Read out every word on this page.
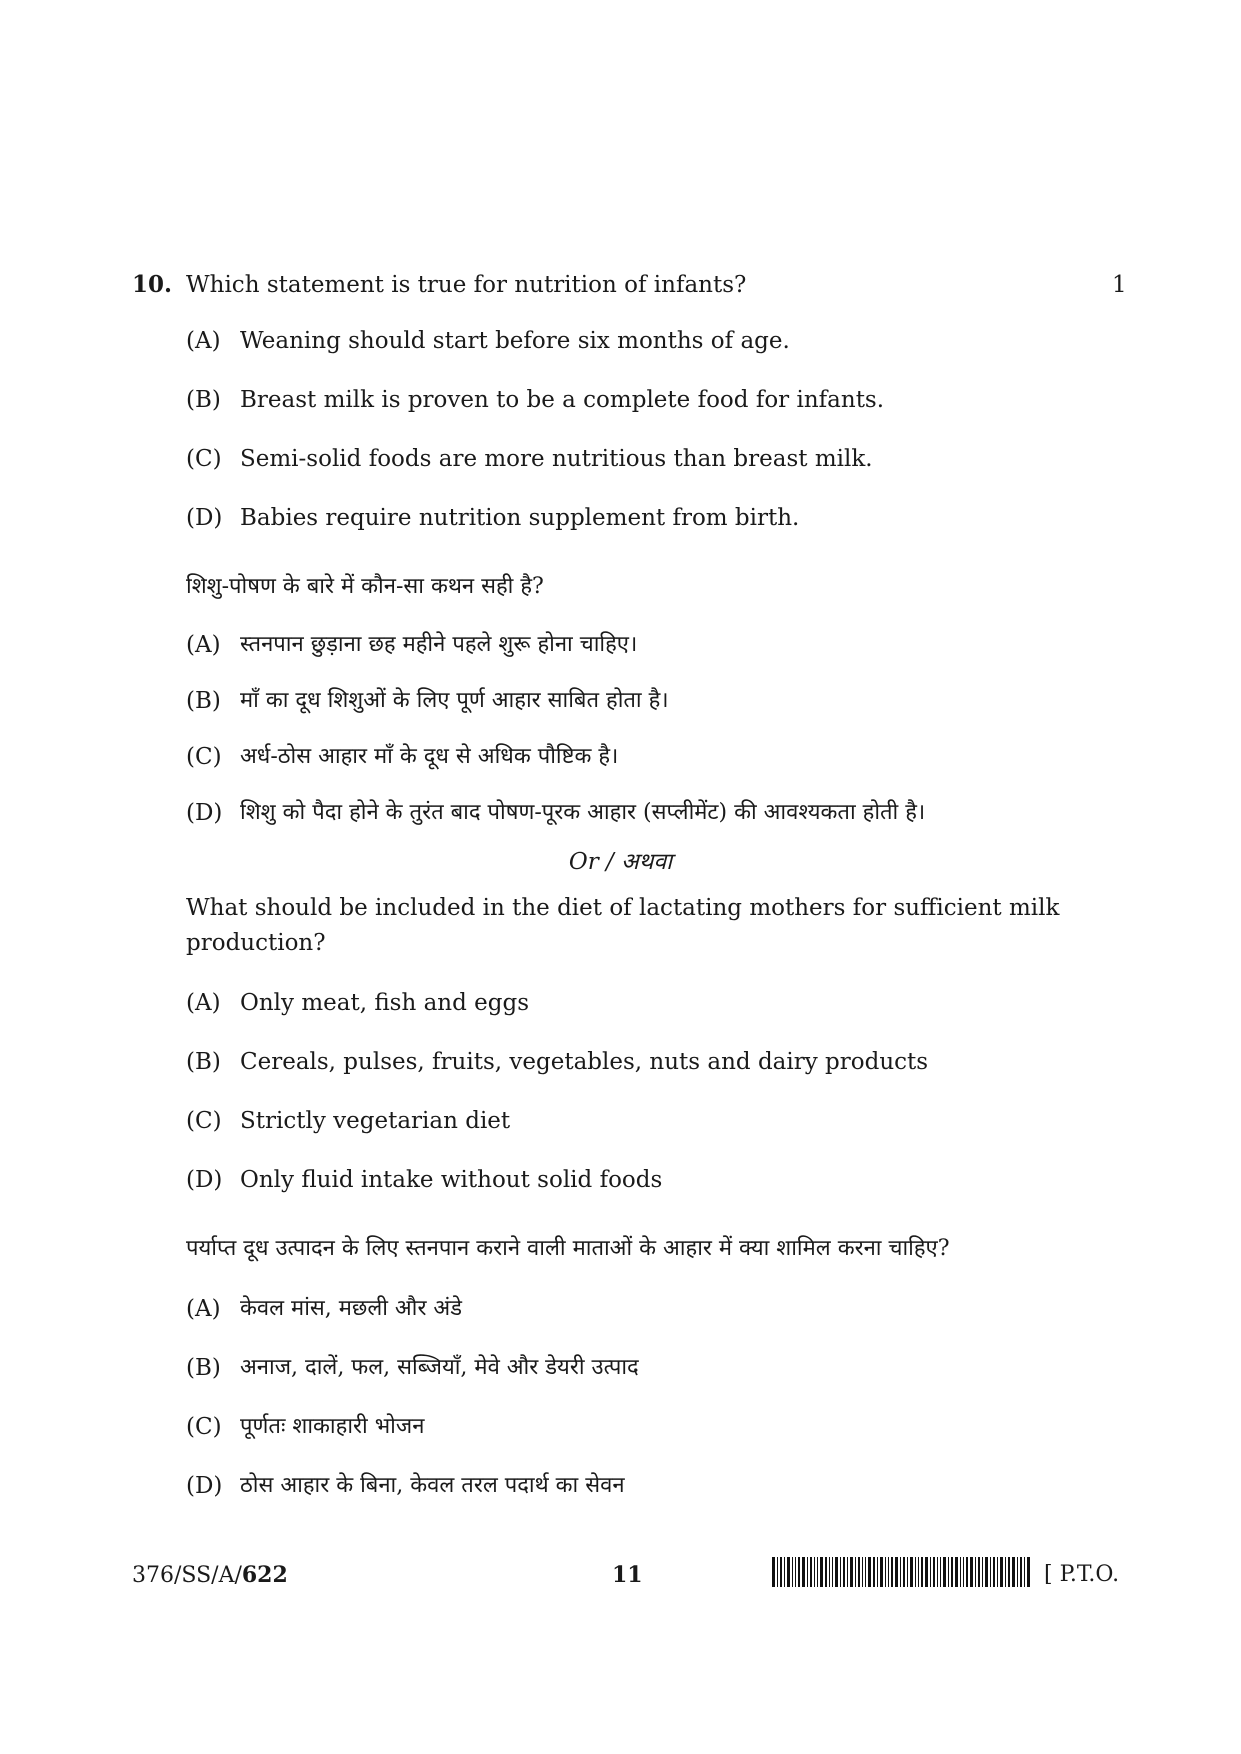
10. Which statement is true for nutrition of infants?	1
(A) Weaning should start before six months of age.
(B) Breast milk is proven to be a complete food for infants.
(C) Semi-solid foods are more nutritious than breast milk.
(D) Babies require nutrition supplement from birth.
शिशु-पोषण के बारे में कौन-सा कथन सही है?
(A) स्तनपान छुड़ाना छह महीने पहले शुरू होना चाहिए।
(B) माँ का दूध शिशुओं के लिए पूर्ण आहार साबित होता है।
(C) अर्ध-ठोस आहार माँ के दूध से अधिक पौष्टिक है।
(D) शिशु को पैदा होने के तुरंत बाद पोषण-पूरक आहार (सप्लीमेंट) की आवश्यकता होती है।
Or / अथवा
What should be included in the diet of lactating mothers for sufficient milk
production?
(A) Only meat, fish and eggs
(B) Cereals, pulses, fruits, vegetables, nuts and dairy products
(C) Strictly vegetarian diet
(D) Only fluid intake without solid foods
पर्याप्त दूध उत्पादन के लिए स्तनपान कराने वाली माताओं के आहार में क्या शामिल करना चाहिए?
(A) केवल मांस, मछली और अंडे
(B) अनाज, दालें, फल, सब्जियाँ, मेवे और डेयरी उत्पाद
(C) पूर्णतः शाकाहारी भोजन
(D) ठोस आहार के बिना, केवल तरल पदार्थ का सेवन
376/SS/A/622	11	[ P.T.O.
